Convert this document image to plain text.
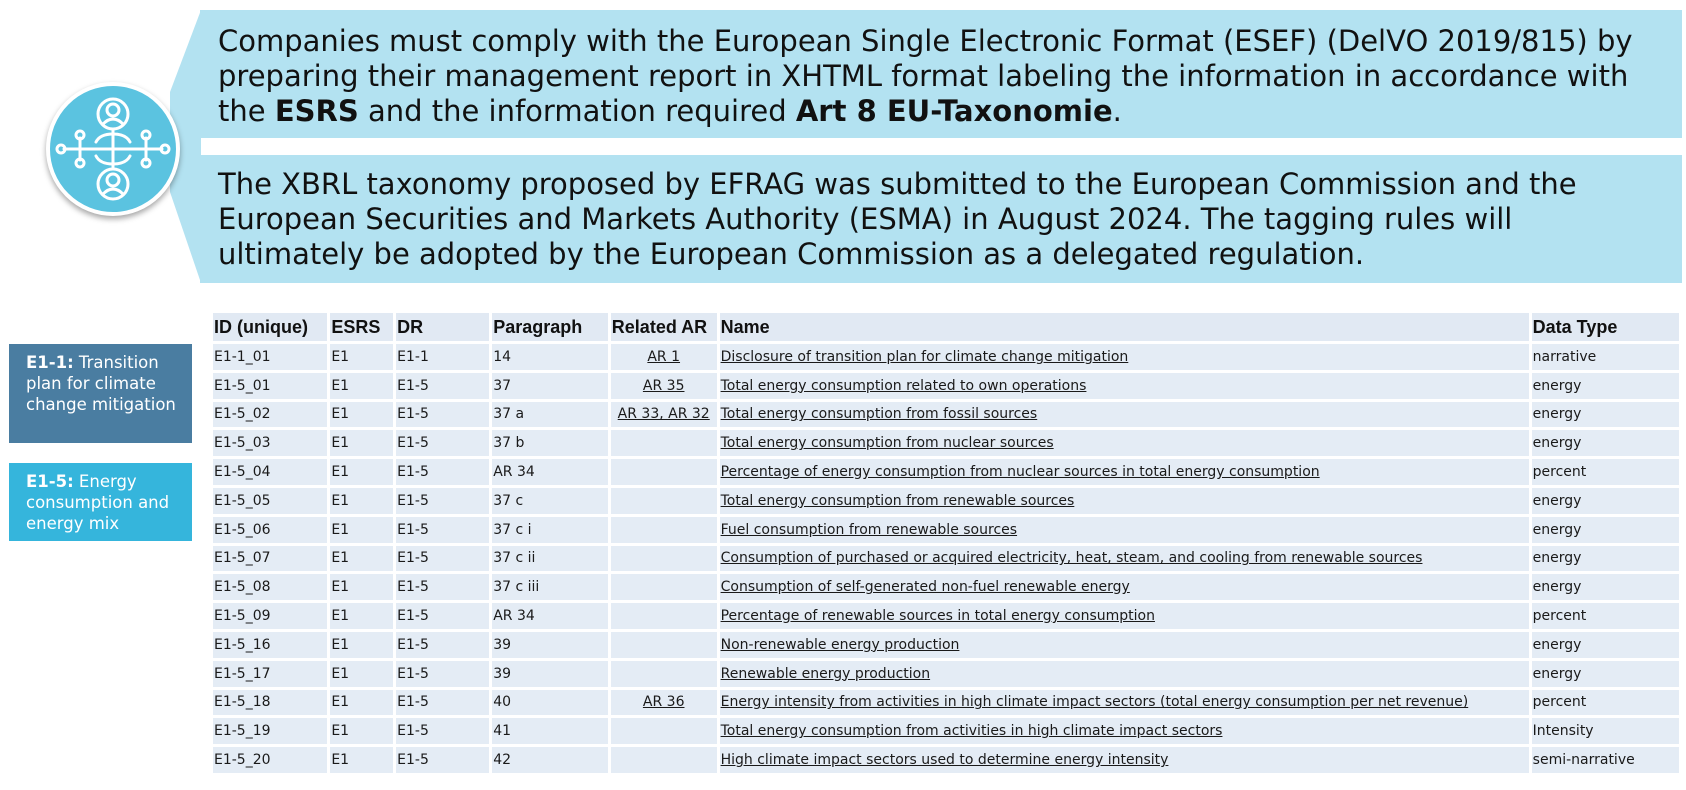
Companies must comply with the European Single Electronic Format (ESEF) (DelVO 2019/815) by preparing their management report in XHTML format labeling the information in accordance with the ESRS and the information required Art 8 EU-Taxonomie.
The XBRL taxonomy proposed by EFRAG was submitted to the European Commission and the European Securities and Markets Authority (ESMA) in August 2024. The tagging rules will ultimately be adopted by the European Commission as a delegated regulation.
E1-1: Transition plan for climate change mitigation
E1-5: Energy consumption and energy mix
ID (unique)	ESRS	DR	Paragraph	Related AR	Name	Data Type
E1-1_01	E1	E1-1	14	AR 1	Disclosure of transition plan for climate change mitigation	narrative
E1-5_01	E1	E1-5	37	AR 35	Total energy consumption related to own operations	energy
E1-5_02	E1	E1-5	37 a	AR 33, AR 32	Total energy consumption from fossil sources	energy
E1-5_03	E1	E1-5	37 b		Total energy consumption from nuclear sources	energy
E1-5_04	E1	E1-5	AR 34		Percentage of energy consumption from nuclear sources in total energy consumption	percent
E1-5_05	E1	E1-5	37 c		Total energy consumption from renewable sources	energy
E1-5_06	E1	E1-5	37 c i		Fuel consumption from renewable sources	energy
E1-5_07	E1	E1-5	37 c ii		Consumption of purchased or acquired electricity, heat, steam, and cooling from renewable sources	energy
E1-5_08	E1	E1-5	37 c iii		Consumption of self-generated non-fuel renewable energy	energy
E1-5_09	E1	E1-5	AR 34		Percentage of renewable sources in total energy consumption	percent
E1-5_16	E1	E1-5	39		Non-renewable energy production	energy
E1-5_17	E1	E1-5	39		Renewable energy production	energy
E1-5_18	E1	E1-5	40	AR 36	Energy intensity from activities in high climate impact sectors (total energy consumption per net revenue)	percent
E1-5_19	E1	E1-5	41		Total energy consumption from activities in high climate impact sectors	Intensity
E1-5_20	E1	E1-5	42		High climate impact sectors used to determine energy intensity	semi-narrative
